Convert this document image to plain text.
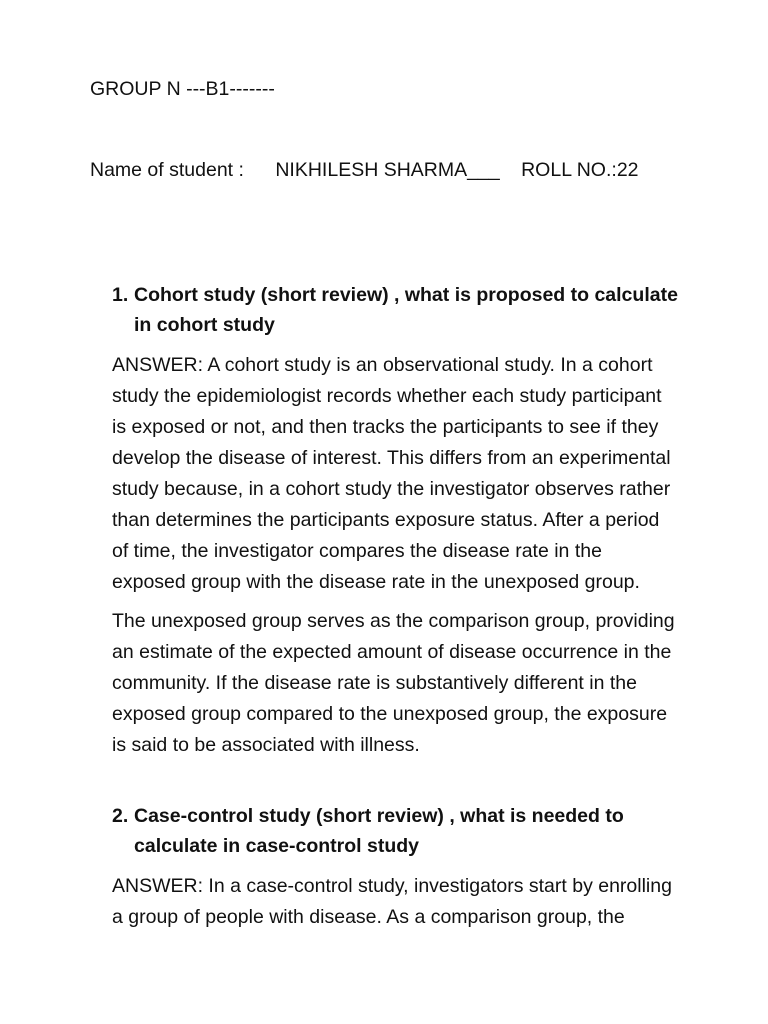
GROUP N ---B1-------
Name of student : NIKHILESH SHARMA___ ROLL NO.:22
1. Cohort study (short review) , what is proposed to calculate
in cohort study
ANSWER: A cohort study is an observational study. In a cohort
study the epidemiologist records whether each study participant
is exposed or not, and then tracks the participants to see if they
develop the disease of interest. This differs from an experimental
study because, in a cohort study the investigator observes rather
than determines the participants exposure status. After a period
of time, the investigator compares the disease rate in the
exposed group with the disease rate in the unexposed group.
The unexposed group serves as the comparison group, providing
an estimate of the expected amount of disease occurrence in the
community. If the disease rate is substantively different in the
exposed group compared to the unexposed group, the exposure
is said to be associated with illness.
2. Case-control study (short review) , what is needed to
calculate in case-control study
ANSWER: In a case-control study, investigators start by enrolling
a group of people with disease. As a comparison group, the
